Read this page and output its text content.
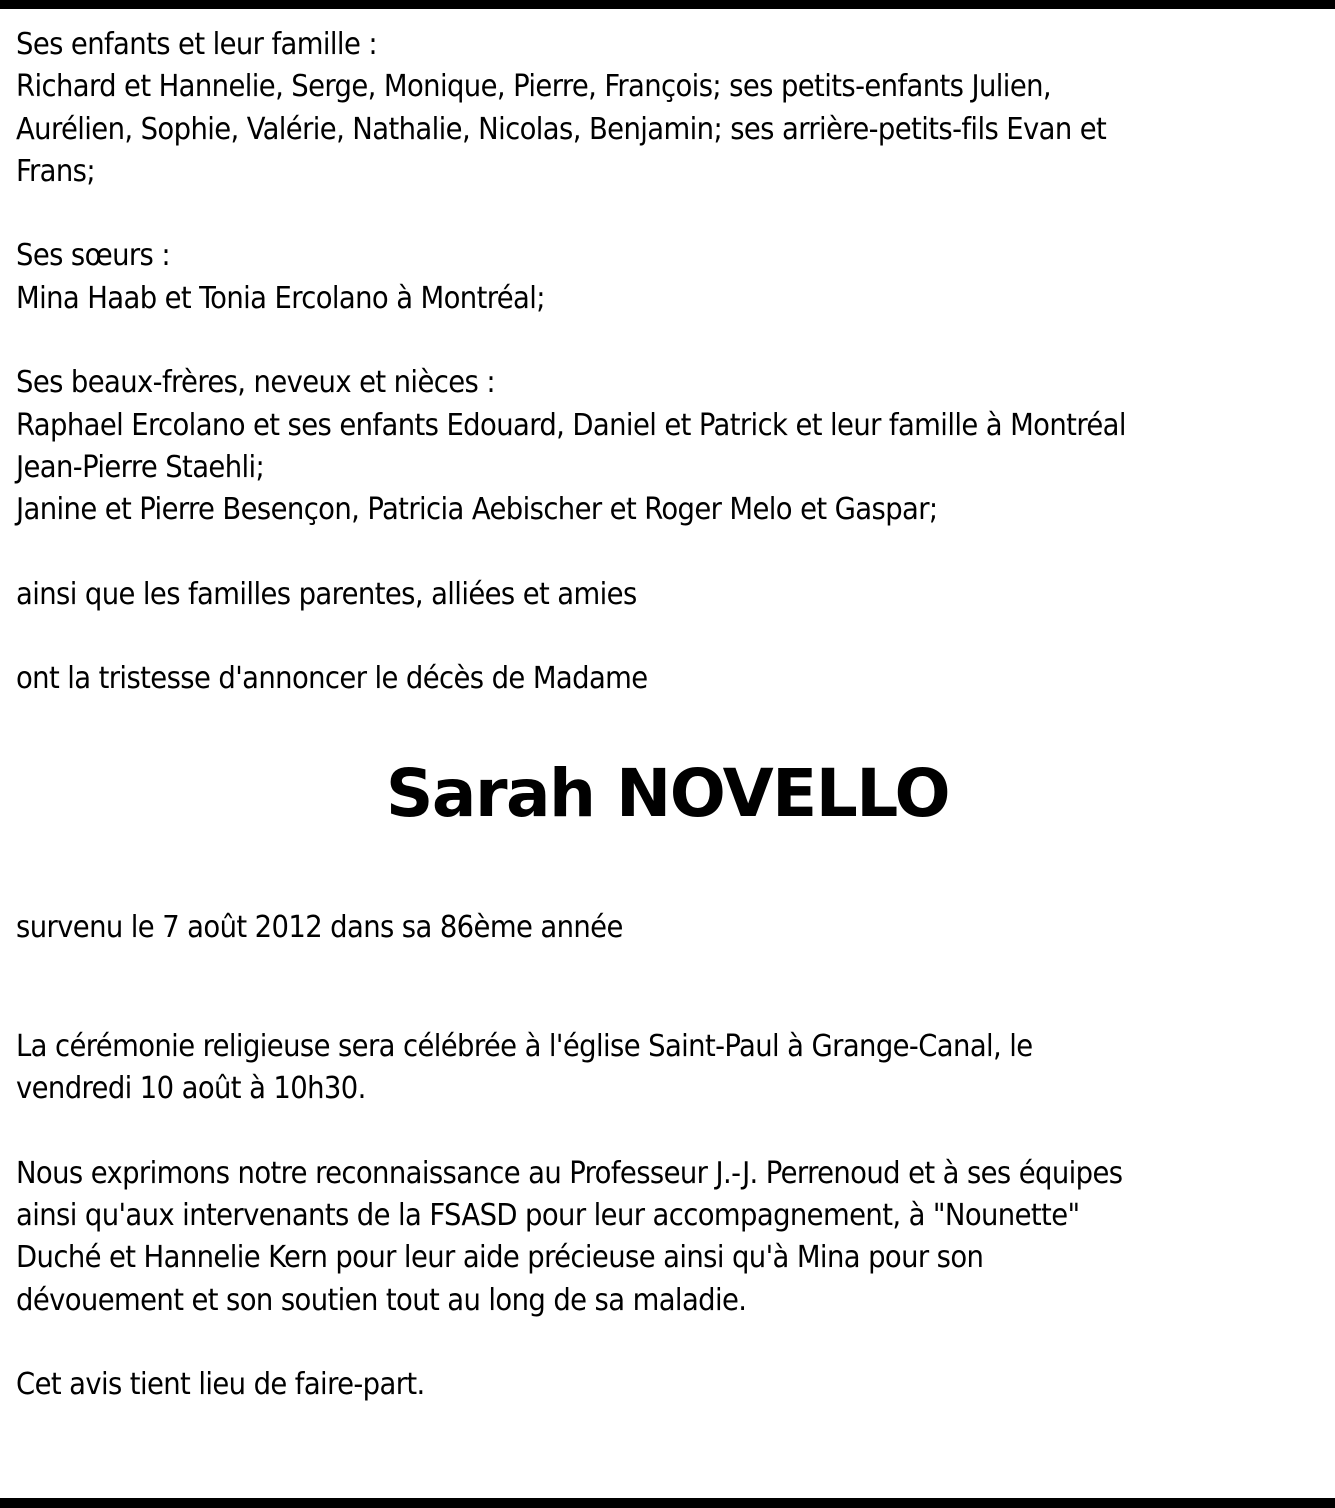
Ses enfants et leur famille :
Richard et Hannelie, Serge, Monique, Pierre, François; ses petits-enfants Julien,
Aurélien, Sophie, Valérie, Nathalie, Nicolas, Benjamin; ses arrière-petits-fils Evan et
Frans;
Ses sœurs :
Mina Haab et Tonia Ercolano à Montréal;
Ses beaux-frères, neveux et nièces :
Raphael Ercolano et ses enfants Edouard, Daniel et Patrick et leur famille à Montréal
Jean-Pierre Staehli;
Janine et Pierre Besençon, Patricia Aebischer et Roger Melo et Gaspar;
ainsi que les familles parentes, alliées et amies
ont la tristesse d'annoncer le décès de Madame
Sarah NOVELLO
survenu le 7 août 2012 dans sa 86ème année
La cérémonie religieuse sera célébrée à l'église Saint-Paul à Grange-Canal, le
vendredi 10 août à 10h30.
Nous exprimons notre reconnaissance au Professeur J.-J. Perrenoud et à ses équipes
ainsi qu'aux intervenants de la FSASD pour leur accompagnement, à "Nounette"
Duché et Hannelie Kern pour leur aide précieuse ainsi qu'à Mina pour son
dévouement et son soutien tout au long de sa maladie.
Cet avis tient lieu de faire-part.
